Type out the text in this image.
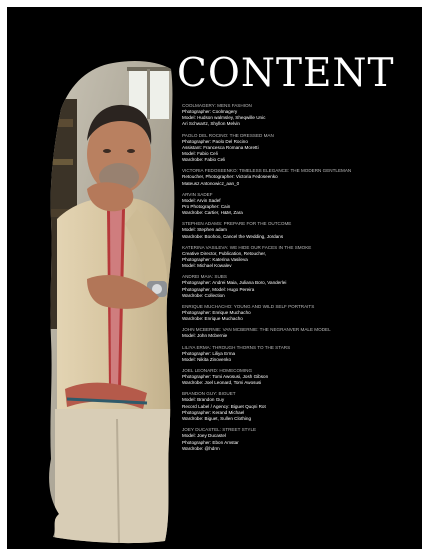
CONTENT
COOLMAGERY: MENS FASHION
Photographer: Coolmagery
Model: Hudson walmsley, Sheqwille Unic
Ari Schwartz, Shyllon Melvin
PAOLO DEL ROCINO: THE DRESSED MAN
Photographer: Paolo Del Rocino
Assistant: Francesca Romana Moretti
Model: Fabio Celi
Wardrobe: Fabio Celi
VICTORIA FEDOSEENKO: TIMELESS ELEGANCE: THE MODERN GENTLEMAN
Retoucher, Photographer: Victoria Fedoseenko
Mateusz Antonowicz_aan_0
ARVIN SADEF
Model: Arvin Sadef
Pro Photographer: Cain
Wardrobe: Cartier, H&M, Zara
STEPHEN ADAMS: PREPARE FOR THE OUTCOME
Model: Stephen adam
Wardrobe: Boohoo, Cancel the Wedding, Jordans
KATERINA VASILEVA: WE HIDE OUR FACES IN THE SMOKE
Creative Director, Publication, Retoucher,
Photographer: Katerina Vasileva
Model: Michael Kowalev
ANDREI MAIA: SUBS
Photographer: Andrei Maia, Juliana Boro, Vanderlei
Photographer, Model: Hugo Pereira
Wardrobe: Collection
ENRIQUE MUCHACHO: YOUNG AND WILD SELF PORTRAITS
Photographer: Enrique Muchacho
Wardrobe: Enrique Muchacho
JOHN MCBERNIE: VAN MCBERNIE: THE NEGRANVER MALE MODEL
Model: John Mcbernie
LILIYA ERMA: THROUGH THORNS TO THE STARS
Photographer: Liliya Erma
Model: Nikita Zinovenko
JOEL LEONARD: HOMECOMING
Photographer: Tomi Awosusi, Josh Gibson
Wardrobe: Joel Leonard, Tomi Awosusi
BRANDON GUY: BIGUET
Model: Brandon Guy
Record Label / Agency: Biguet Quqni Rot
Photographer: Kerand Michael
Wardrobe: Biguet, Sullen Clothing
JOEY DUCASTEL: STREET STYLE
Model: Joey Ducastel
Photographer: Ebon Amstar
Wardrobe: @hdrm
